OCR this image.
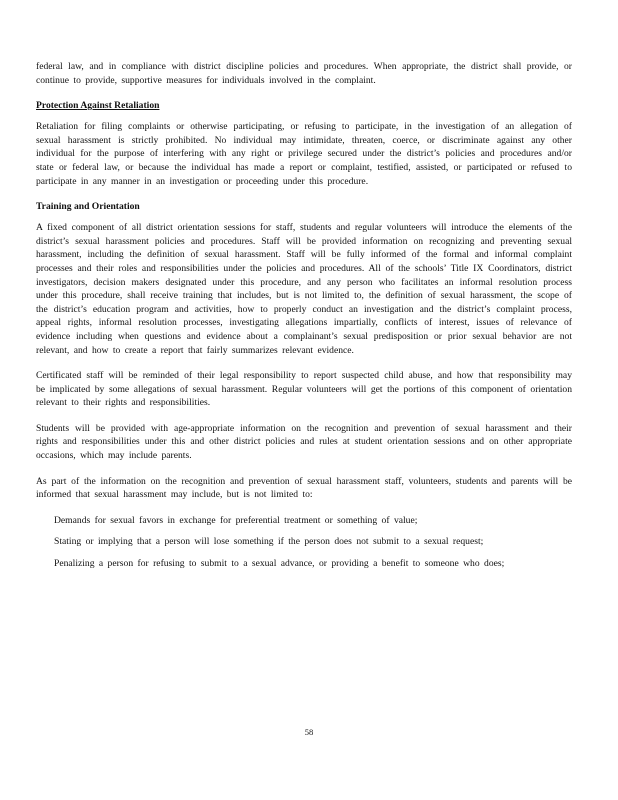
federal law, and in compliance with district discipline policies and procedures. When appropriate, the district shall provide, or continue to provide, supportive measures for individuals involved in the complaint.

Protection Against Retaliation

Retaliation for filing complaints or otherwise participating, or refusing to participate, in the investigation of an allegation of sexual harassment is strictly prohibited. No individual may intimidate, threaten, coerce, or discriminate against any other individual for the purpose of interfering with any right or privilege secured under the district’s policies and procedures and/or state or federal law, or because the individual has made a report or complaint, testified, assisted, or participated or refused to participate in any manner in an investigation or proceeding under this procedure.

Training and Orientation

A fixed component of all district orientation sessions for staff, students and regular volunteers will introduce the elements of the district’s sexual harassment policies and procedures. Staff will be provided information on recognizing and preventing sexual harassment, including the definition of sexual harassment. Staff will be fully informed of the formal and informal complaint processes and their roles and responsibilities under the policies and procedures. All of the schools’ Title IX Coordinators, district investigators, decision makers designated under this procedure, and any person who facilitates an informal resolution process under this procedure, shall receive training that includes, but is not limited to, the definition of sexual harassment, the scope of the district’s education program and activities, how to properly conduct an investigation and the district’s complaint process, appeal rights, informal resolution processes, investigating allegations impartially, conflicts of interest, issues of relevance of evidence including when questions and evidence about a complainant’s sexual predisposition or prior sexual behavior are not relevant, and how to create a report that fairly summarizes relevant evidence.

Certificated staff will be reminded of their legal responsibility to report suspected child abuse, and how that responsibility may be implicated by some allegations of sexual harassment. Regular volunteers will get the portions of this component of orientation relevant to their rights and responsibilities.

Students will be provided with age-appropriate information on the recognition and prevention of sexual harassment and their rights and responsibilities under this and other district policies and rules at student orientation sessions and on other appropriate occasions, which may include parents.

As part of the information on the recognition and prevention of sexual harassment staff, volunteers, students and parents will be informed that sexual harassment may include, but is not limited to:

Demands for sexual favors in exchange for preferential treatment or something of value;
Stating or implying that a person will lose something if the person does not submit to a sexual request;
Penalizing a person for refusing to submit to a sexual advance, or providing a benefit to someone who does;
58
